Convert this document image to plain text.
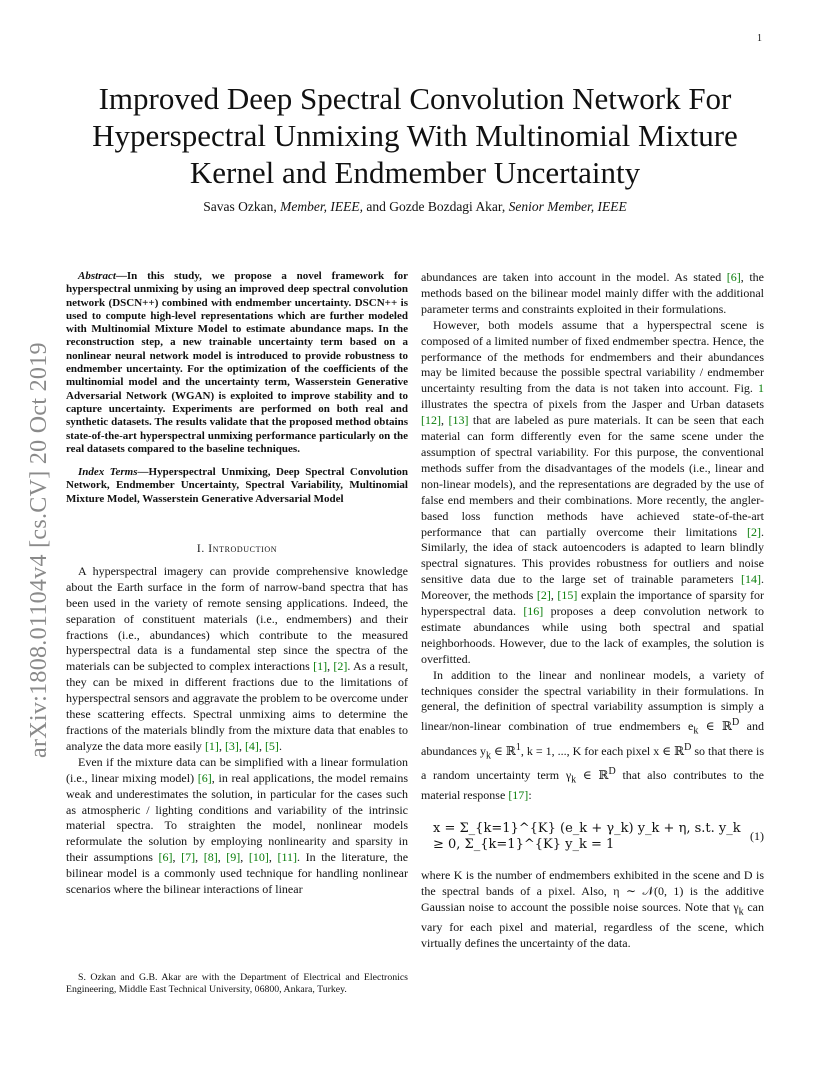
1
arXiv:1808.01104v4 [cs.CV] 20 Oct 2019
Improved Deep Spectral Convolution Network For Hyperspectral Unmixing With Multinomial Mixture Kernel and Endmember Uncertainty
Savas Ozkan, Member, IEEE, and Gozde Bozdagi Akar, Senior Member, IEEE

Abstract—In this study, we propose a novel framework for hyperspectral unmixing by using an improved deep spectral convolution network (DSCN++) combined with endmember uncertainty. DSCN++ is used to compute high-level representations which are further modeled with Multinomial Mixture Model to estimate abundance maps. In the reconstruction step, a new trainable uncertainty term based on a nonlinear neural network model is introduced to provide robustness to endmember uncertainty. For the optimization of the coefficients of the multinomial model and the uncertainty term, Wasserstein Generative Adversarial Network (WGAN) is exploited to improve stability and to capture uncertainty. Experiments are performed on both real and synthetic datasets. The results validate that the proposed method obtains state-of-the-art hyperspectral unmixing performance particularly on the real datasets compared to the baseline techniques.

Index Terms—Hyperspectral Unmixing, Deep Spectral Convolution Network, Endmember Uncertainty, Spectral Variability, Multinomial Mixture Model, Wasserstein Generative Adversarial Model

I. Introduction

A hyperspectral imagery can provide comprehensive knowledge about the Earth surface in the form of narrow-band spectra that has been used in the variety of remote sensing applications. Indeed, the separation of constituent materials (i.e., endmembers) and their fractions (i.e., abundances) which contribute to the measured hyperspectral data is a fundamental step since the spectra of the materials can be subjected to complex interactions [1], [2]. As a result, they can be mixed in different fractions due to the limitations of hyperspectral sensors and aggravate the problem to be overcome under these scattering effects. Spectral unmixing aims to determine the fractions of the materials blindly from the mixture data that enables to analyze the data more easily [1], [3], [4], [5].

Even if the mixture data can be simplified with a linear formulation (i.e., linear mixing model) [6], in real applications, the model remains weak and underestimates the solution, in particular for the cases such as atmospheric / lighting conditions and variability of the intrinsic material spectra. To straighten the model, nonlinear models reformulate the solution by employing nonlinearity and sparsity in their assumptions [6], [7], [8], [9], [10], [11]. In the literature, the bilinear model is a commonly used technique for handling nonlinear scenarios where the bilinear interactions of linear

S. Ozkan and G.B. Akar are with the Department of Electrical and Electronics Engineering, Middle East Technical University, 06800, Ankara, Turkey.

abundances are taken into account in the model. As stated [6], the methods based on the bilinear model mainly differ with the additional parameter terms and constraints exploited in their formulations.

However, both models assume that a hyperspectral scene is composed of a limited number of fixed endmember spectra. Hence, the performance of the methods for endmembers and their abundances may be limited because the possible spectral variability / endmember uncertainty resulting from the data is not taken into account. Fig. 1 illustrates the spectra of pixels from the Jasper and Urban datasets [12], [13] that are labeled as pure materials. It can be seen that each material can form differently even for the same scene under the assumption of spectral variability. For this purpose, the conventional methods suffer from the disadvantages of the models (i.e., linear and non-linear models), and the representations are degraded by the use of false end members and their combinations. More recently, the angler-based loss function methods have achieved state-of-the-art performance that can partially overcome their limitations [2]. Similarly, the idea of stack autoencoders is adapted to learn blindly spectral signatures. This provides robustness for outliers and noise sensitive data due to the large set of trainable parameters [14]. Moreover, the methods [2], [15] explain the importance of sparsity for hyperspectral data. [16] proposes a deep convolution network to estimate abundances while using both spectral and spatial neighborhoods. However, due to the lack of examples, the solution is overfitted.

In addition to the linear and nonlinear models, a variety of techniques consider the spectral variability in their formulations. In general, the definition of spectral variability assumption is simply a linear/non-linear combination of true endmembers $e_k$ ∈ ℝ$^D$ and abundances $y_k$ ∈ ℝ$^1$, k = 1, ..., K for each pixel x ∈ ℝ$^D$ so that there is a random uncertainty term $\gamma_k$ ∈ ℝ$^D$ that also contributes to the material response [17]:

x = Σ_{k=1}^{K} (e_k + γ_k) y_k + η, s.t. y_k ≥ 0, Σ_{k=1}^{K} y_k = 1
(1)

where K is the number of endmembers exhibited in the scene and D is the spectral bands of a pixel. Also, η ∼ 𝒩(0, 1) is the additive Gaussian noise to account the possible noise sources. Note that $\gamma_k$ can vary for each pixel and material, regardless of the scene, which virtually defines the uncertainty of the data.
